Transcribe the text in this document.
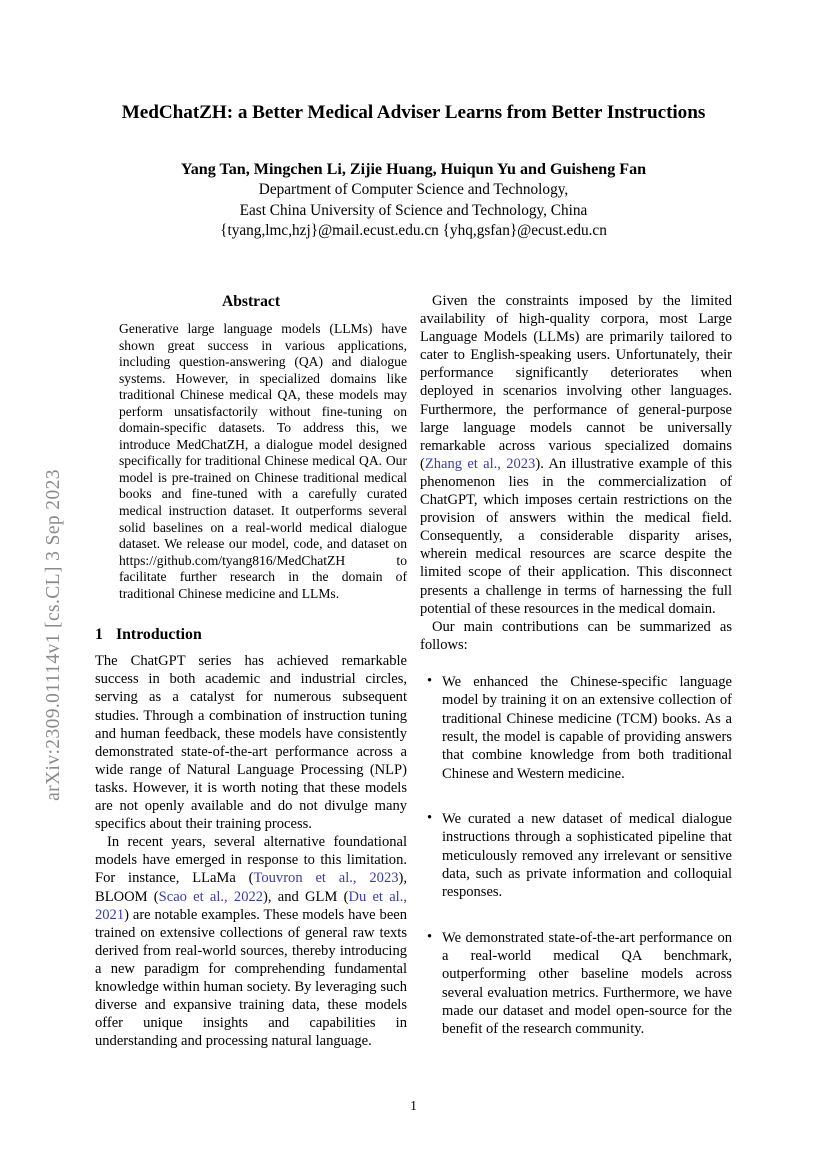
arXiv:2309.01114v1 [cs.CL] 3 Sep 2023
MedChatZH: a Better Medical Adviser Learns from Better Instructions
Yang Tan, Mingchen Li, Zijie Huang, Huiqun Yu and Guisheng Fan
Department of Computer Science and Technology,
East China University of Science and Technology, China
{tyang,lmc,hzj}@mail.ecust.edu.cn {yhq,gsfan}@ecust.edu.cn
Abstract

Generative large language models (LLMs) have shown great success in various applications, including question-answering (QA) and dialogue systems. However, in specialized domains like traditional Chinese medical QA, these models may perform unsatisfactorily without fine-tuning on domain-specific datasets. To address this, we introduce MedChatZH, a dialogue model designed specifically for traditional Chinese medical QA. Our model is pre-trained on Chinese traditional medical books and fine-tuned with a carefully curated medical instruction dataset. It outperforms several solid baselines on a real-world medical dialogue dataset. We release our model, code, and dataset on https://github.com/tyang816/MedChatZH to facilitate further research in the domain of traditional Chinese medicine and LLMs.

1 Introduction

The ChatGPT series has achieved remarkable success in both academic and industrial circles, serving as a catalyst for numerous subsequent studies. Through a combination of instruction tuning and human feedback, these models have consistently demonstrated state-of-the-art performance across a wide range of Natural Language Processing (NLP) tasks. However, it is worth noting that these models are not openly available and do not divulge many specifics about their training process.

In recent years, several alternative foundational models have emerged in response to this limitation. For instance, LLaMa (Touvron et al., 2023), BLOOM (Scao et al., 2022), and GLM (Du et al., 2021) are notable examples. These models have been trained on extensive collections of general raw texts derived from real-world sources, thereby introducing a new paradigm for comprehending fundamental knowledge within human society. By leveraging such diverse and expansive training data, these models offer unique insights and capabilities in understanding and processing natural language.

Given the constraints imposed by the limited availability of high-quality corpora, most Large Language Models (LLMs) are primarily tailored to cater to English-speaking users. Unfortunately, their performance significantly deteriorates when deployed in scenarios involving other languages. Furthermore, the performance of general-purpose large language models cannot be universally remarkable across various specialized domains (Zhang et al., 2023). An illustrative example of this phenomenon lies in the commercialization of ChatGPT, which imposes certain restrictions on the provision of answers within the medical field. Consequently, a considerable disparity arises, wherein medical resources are scarce despite the limited scope of their application. This disconnect presents a challenge in terms of harnessing the full potential of these resources in the medical domain.

Our main contributions can be summarized as follows:

• We enhanced the Chinese-specific language model by training it on an extensive collection of traditional Chinese medicine (TCM) books. As a result, the model is capable of providing answers that combine knowledge from both traditional Chinese and Western medicine.
• We curated a new dataset of medical dialogue instructions through a sophisticated pipeline that meticulously removed any irrelevant or sensitive data, such as private information and colloquial responses.
• We demonstrated state-of-the-art performance on a real-world medical QA benchmark, outperforming other baseline models across several evaluation metrics. Furthermore, we have made our dataset and model open-source for the benefit of the research community.
1
